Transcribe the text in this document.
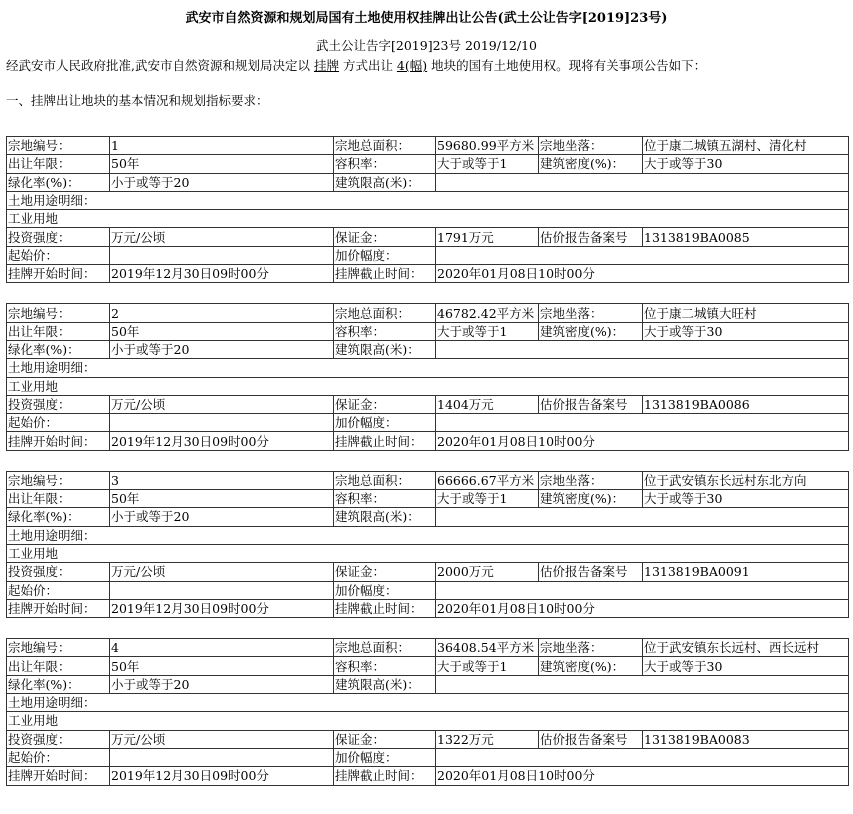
武安市自然资源和规划局国有土地使用权挂牌出让公告(武土公让告字[2019]23号)
武土公让告字[2019]23号 2019/12/10
经武安市人民政府批准,武安市自然资源和规划局决定以 挂牌 方式出让 4(幅) 地块的国有土地使用权。现将有关事项公告如下：
一、挂牌出让地块的基本情况和规划指标要求：
宗地编号：	1	宗地总面积：	59680.99平方米	宗地坐落：	位于康二城镇五湖村、清化村
出让年限：	50年	容积率：	大于或等于1	建筑密度(%)：	大于或等于30
绿化率(%)：	小于或等于20	建筑限高(米)：			
土地用途明细：					
工业用地					
投资强度：	万元/公顷	保证金：	1791万元	估价报告备案号	1313819BA0085
起始价：		加价幅度：			
挂牌开始时间：	2019年12月30日09时00分	挂牌截止时间：	2020年01月08日10时00分		
宗地编号：	2	宗地总面积：	46782.42平方米	宗地坐落：	位于康二城镇大旺村
出让年限：	50年	容积率：	大于或等于1	建筑密度(%)：	大于或等于30
绿化率(%)：	小于或等于20	建筑限高(米)：			
土地用途明细：					
工业用地					
投资强度：	万元/公顷	保证金：	1404万元	估价报告备案号	1313819BA0086
起始价：		加价幅度：			
挂牌开始时间：	2019年12月30日09时00分	挂牌截止时间：	2020年01月08日10时00分		
宗地编号：	3	宗地总面积：	66666.67平方米	宗地坐落：	位于武安镇东长远村东北方向
出让年限：	50年	容积率：	大于或等于1	建筑密度(%)：	大于或等于30
绿化率(%)：	小于或等于20	建筑限高(米)：			
土地用途明细：					
工业用地					
投资强度：	万元/公顷	保证金：	2000万元	估价报告备案号	1313819BA0091
起始价：		加价幅度：			
挂牌开始时间：	2019年12月30日09时00分	挂牌截止时间：	2020年01月08日10时00分		
宗地编号：	4	宗地总面积：	36408.54平方米	宗地坐落：	位于武安镇东长远村、西长远村
出让年限：	50年	容积率：	大于或等于1	建筑密度(%)：	大于或等于30
绿化率(%)：	小于或等于20	建筑限高(米)：			
土地用途明细：					
工业用地					
投资强度：	万元/公顷	保证金：	1322万元	估价报告备案号	1313819BA0083
起始价：		加价幅度：			
挂牌开始时间：	2019年12月30日09时00分	挂牌截止时间：	2020年01月08日10时00分		
